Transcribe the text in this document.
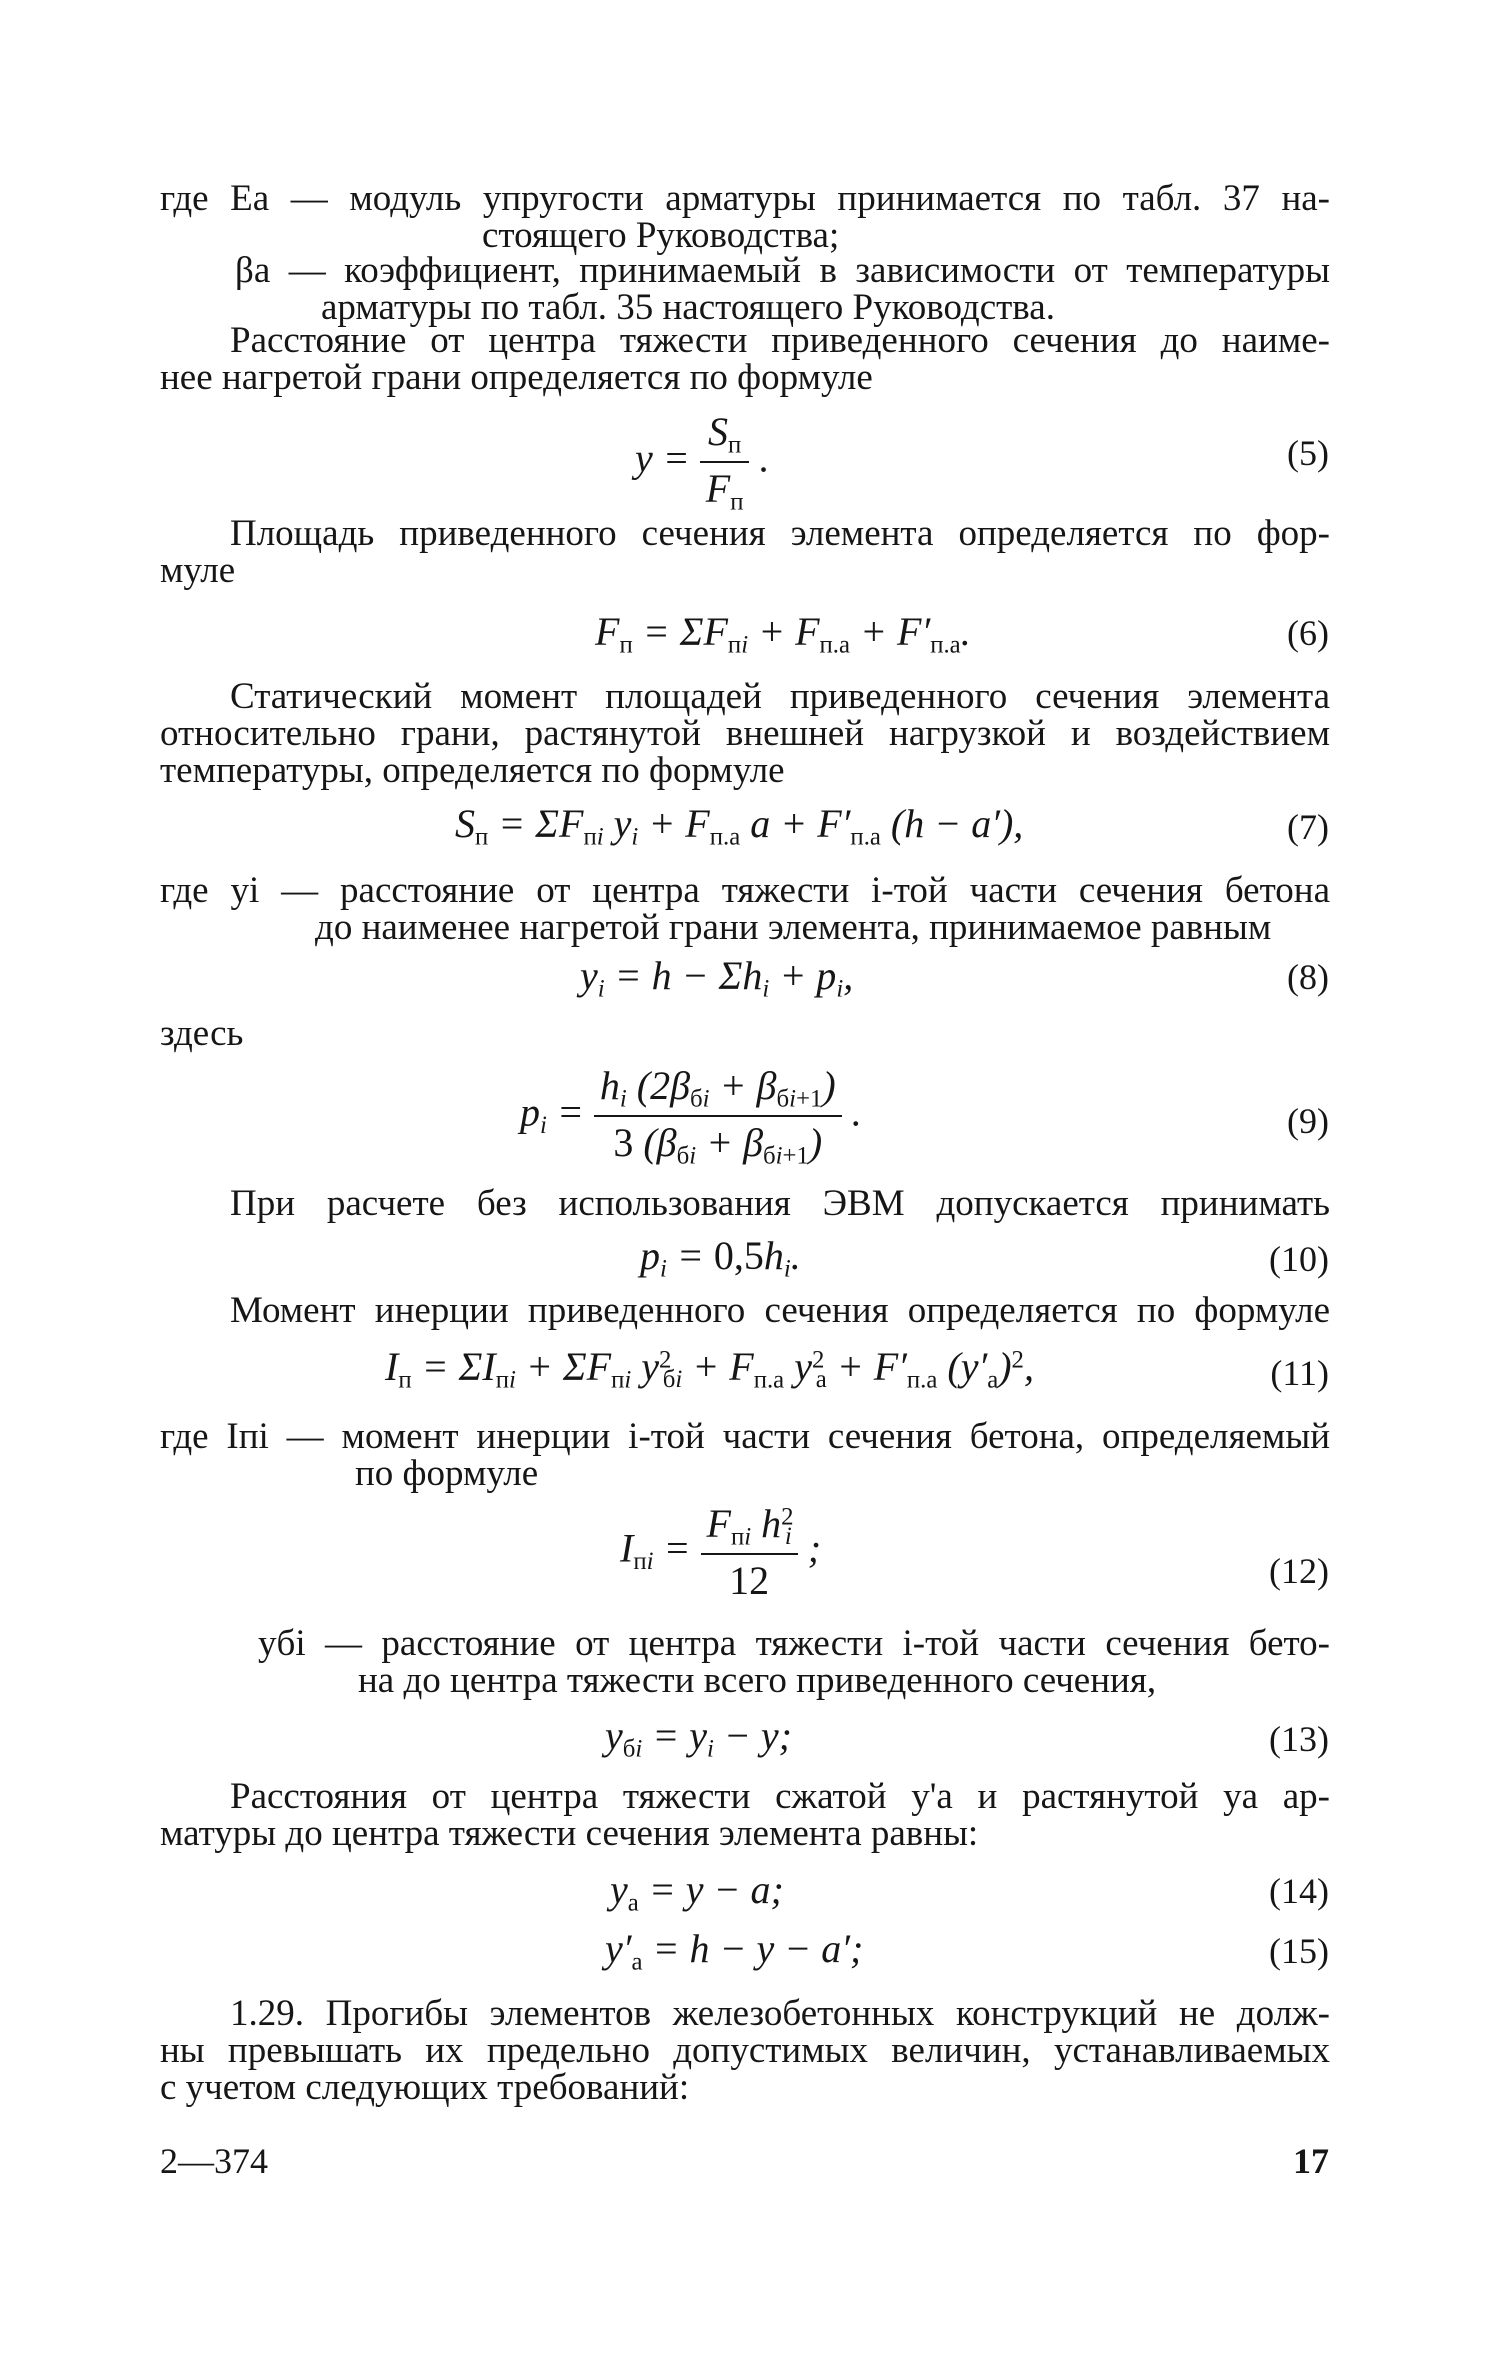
где Eа — модуль упругости арматуры принимается по табл. 37 на-
стоящего Руководства;
βа — коэффициент, принимаемый в зависимости от температуры
арматуры по табл. 35 настоящего Руководства.
Расстояние от центра тяжести приведенного сечения до наиме-
нее нагретой грани определяется по формуле
$y = \frac{S_п}{F_п}$ .	(5)
Площадь приведенного сечения элемента определяется по фор-
муле
$F_п = \Sigma F_{пi} + F_{п.а} + F'_{п.а}$.	(6)
Статический момент площадей приведенного сечения элемента
относительно грани, растянутой внешней нагрузкой и воздействием
температуры, определяется по формуле
$S_п = \Sigma F_{пi}$ $y_i + F_{п.а}$ $a + F'_{п.а}$ (h − a′),	(7)
где yi — расстояние от центра тяжести i-той части сечения бетона
до наименее нагретой грани элемента, принимаемое равным
$y_i = h - \Sigma h_i + p_i$,	(8)
здесь
$p_i = \frac{h_i (2\beta_{бi} + \beta_{бi+1})}{3 (\beta_{бi} + \beta_{бi+1})}$ .	(9)
При расчете без использования ЭВМ допускается принимать
$p_i = 0,5h_i$.	(10)
Момент инерции приведенного сечения определяется по формуле
$I_п = \Sigma I_{пi} + \Sigma F_{пi}$ $y^2_{бi} + F_{п.а}$ $y^2_а + F'_{п.а}$ $(y'_а)^2$,	(11)
где Iпi — момент инерции i-той части сечения бетона, определяемый
по формуле
$I_{пi} = \frac{F_{пi} h^2_i}{12}$ ;
(12)
yбi — расстояние от центра тяжести i-той части сечения бето-
на до центра тяжести всего приведенного сечения,
$y_{бi} = y_i - y$;	(13)
Расстояния от центра тяжести сжатой y'а и растянутой yа ар-
матуры до центра тяжести сечения элемента равны:
$y_а = y - a$;	(14)
$y'_а = h - y - a'$;	(15)
1.29. Прогибы элементов железобетонных конструкций не долж-
ны превышать их предельно допустимых величин, устанавливаемых
с учетом следующих требований:
2—374	17
